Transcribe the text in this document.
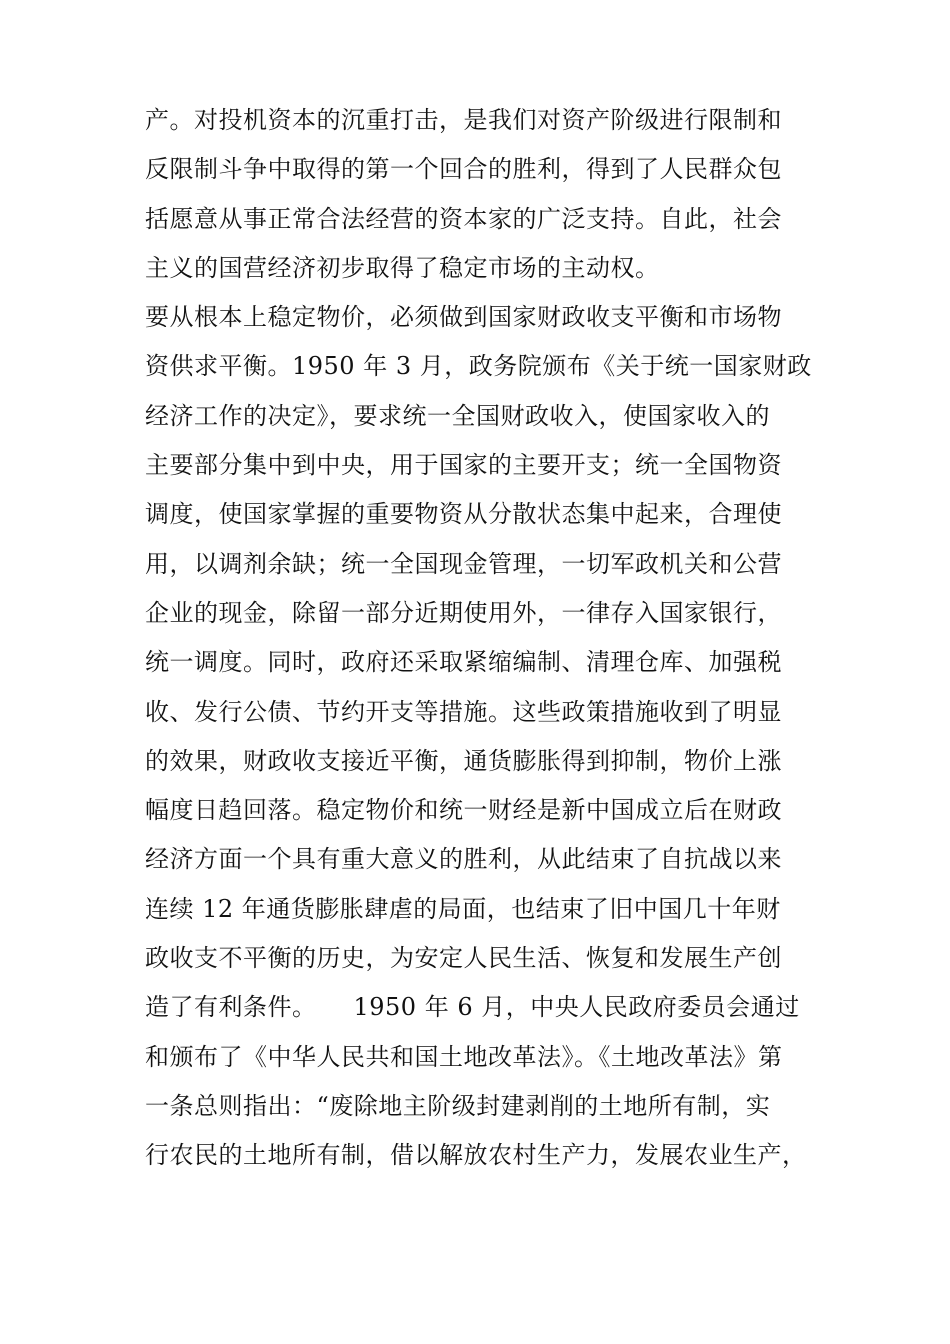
产。对投机资本的沉重打击，是我们对资产阶级进行限制和
反限制斗争中取得的第一个回合的胜利，得到了人民群众包
括愿意从事正常合法经营的资本家的广泛支持。自此，社会
主义的国营经济初步取得了稳定市场的主动权。
要从根本上稳定物价，必须做到国家财政收支平衡和市场物
资供求平衡。1950 年 3 月，政务院颁布《关于统一国家财政
经济工作的决定》，要求统一全国财政收入，使国家收入的
主要部分集中到中央，用于国家的主要开支；统一全国物资
调度，使国家掌握的重要物资从分散状态集中起来，合理使
用，以调剂余缺；统一全国现金管理，一切军政机关和公营
企业的现金，除留一部分近期使用外，一律存入国家银行，
统一调度。同时，政府还采取紧缩编制、清理仓库、加强税
收、发行公债、节约开支等措施。这些政策措施收到了明显
的效果，财政收支接近平衡，通货膨胀得到抑制，物价上涨
幅度日趋回落。稳定物价和统一财经是新中国成立后在财政
经济方面一个具有重大意义的胜利，从此结束了自抗战以来
连续 12 年通货膨胀肆虐的局面，也结束了旧中国几十年财
政收支不平衡的历史，为安定人民生活、恢复和发展生产创
造了有利条件。　　1950 年 6 月，中央人民政府委员会通过
和颁布了《中华人民共和国土地改革法》。《土地改革法》第
一条总则指出：“废除地主阶级封建剥削的土地所有制，实
行农民的土地所有制，借以解放农村生产力，发展农业生产，
